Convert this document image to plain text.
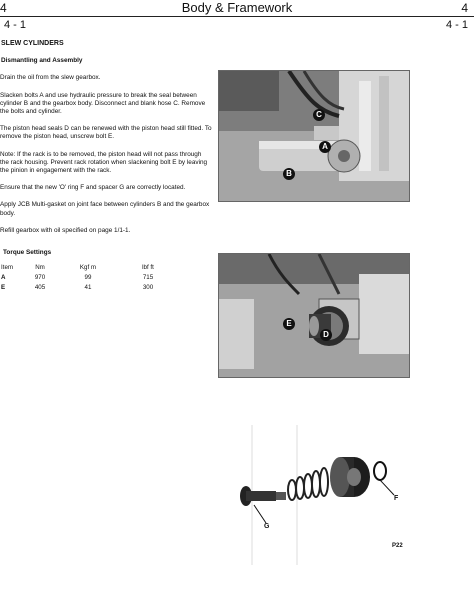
4	Body & Framework	4
4 - 1	4 - 1
SLEW CYLINDERS
Dismantling and Assembly
Drain the oil from the slew gearbox.
Slacken bolts A and use hydraulic pressure to break the seal between cylinder B and the gearbox body. Disconnect and blank hose C. Remove the bolts and cylinder.
The piston head seals D can be renewed with the piston head still fitted. To remove the piston head, unscrew bolt E.
Note: If the rack is to be removed, the piston head will not pass through the rack housing. Prevent rack rotation when slackening bolt E by leaving the pinion in engagement with the rack.
Ensure that the new 'O' ring F and spacer G are correctly located.
Apply JCB Multi-gasket on joint face between cylinders B and the gearbox body.
Refill gearbox with oil specified on page 1/1-1.
Torque Settings
Item	Nm	Kgf m	lbf ft
A	970	99	715
E	405	41	300
C
A
B
E
D
F
G
P22
